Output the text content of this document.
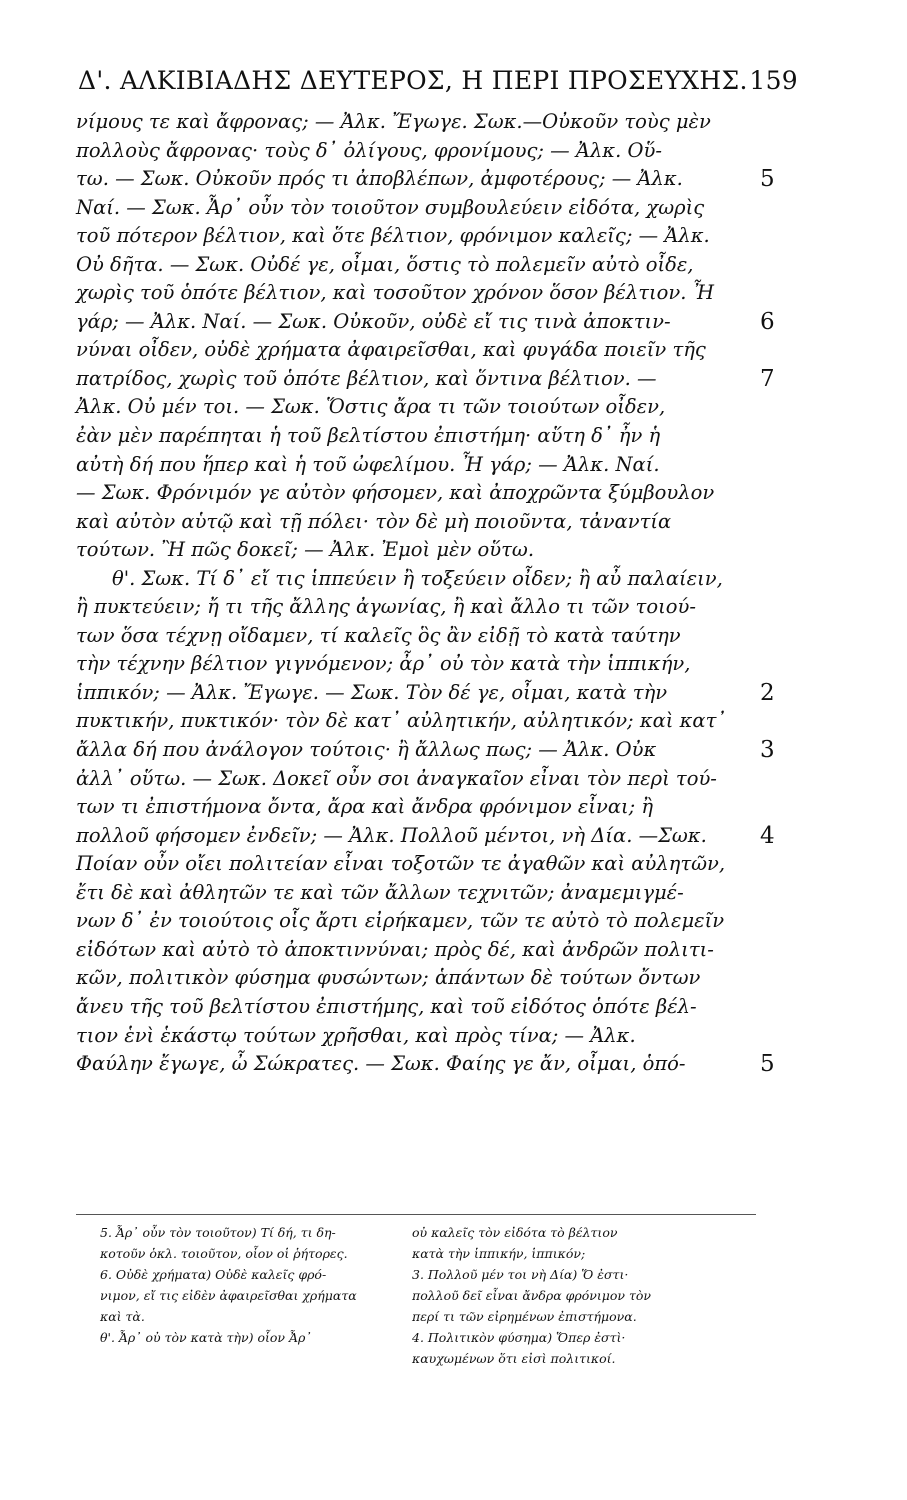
Δ'. ΑΛΚΙΒΙΑΔΗΣ ΔΕΥΤΕΡΟΣ, Η ΠΕΡΙ ΠΡΟΣΕΥΧΗΣ. 159
νίμους τε καὶ ἄφρονας; — Ἀλκ. Ἔγωγε. Σωκ.—Οὐκοῦν τοὺς μὲν
πολλοὺς ἄφρονας· τοὺς δ᾽ ὀλίγους, φρονίμους; — Ἀλκ. Οὕ-
τω. — Σωκ. Οὐκοῦν πρός τι ἀποβλέπων, ἀμφοτέρους; — Ἀλκ.	5
Ναί. — Σωκ. Ἆρ᾽ οὖν τὸν τοιοῦτον συμβουλεύειν εἰδότα, χωρὶς
τοῦ πότερον βέλτιον, καὶ ὅτε βέλτιον, φρόνιμον καλεῖς; — Ἀλκ.
Οὐ δῆτα. — Σωκ. Οὐδέ γε, οἶμαι, ὅστις τὸ πολεμεῖν αὐτὸ οἶδε,
χωρὶς τοῦ ὁπότε βέλτιον, καὶ τοσοῦτον χρόνον ὅσον βέλτιον. Ἦ
γάρ; — Ἀλκ. Ναί. — Σωκ. Οὐκοῦν, οὐδὲ εἴ τις τινὰ ἀποκτιν-	6
νύναι οἶδεν, οὐδὲ χρήματα ἀφαιρεῖσθαι, καὶ φυγάδα ποιεῖν τῆς
πατρίδος, χωρὶς τοῦ ὁπότε βέλτιον, καὶ ὅντινα βέλτιον. —	7
Ἀλκ. Οὐ μέν τοι. — Σωκ. Ὅστις ἄρα τι τῶν τοιούτων οἶδεν,
ἐὰν μὲν παρέπηται ἡ τοῦ βελτίστου ἐπιστήμη· αὕτη δ᾽ ἦν ἡ
αὐτὴ δή που ἥπερ καὶ ἡ τοῦ ὠφελίμου. Ἦ γάρ; — Ἀλκ. Ναί.
— Σωκ. Φρόνιμόν γε αὐτὸν φήσομεν, καὶ ἀποχρῶντα ξύμβουλον
καὶ αὐτὸν αὑτῷ καὶ τῇ πόλει· τὸν δὲ μὴ ποιοῦντα, τἀναντία
τούτων. Ἢ πῶς δοκεῖ; — Ἀλκ. Ἐμοὶ μὲν οὕτω.
θ'. Σωκ. Τί δ᾽ εἴ τις ἱππεύειν ἢ τοξεύειν οἶδεν; ἢ αὖ παλαίειν,
ἢ πυκτεύειν; ἤ τι τῆς ἄλλης ἀγωνίας, ἢ καὶ ἄλλο τι τῶν τοιού-
των ὅσα τέχνῃ οἴδαμεν, τί καλεῖς ὃς ἂν εἰδῇ τὸ κατὰ ταύτην
τὴν τέχνην βέλτιον γιγνόμενον; ἆρ᾽ οὐ τὸν κατὰ τὴν ἱππικήν,
ἱππικόν; — Ἀλκ. Ἔγωγε. — Σωκ. Τὸν δέ γε, οἶμαι, κατὰ τὴν	2
πυκτικήν, πυκτικόν· τὸν δὲ κατ᾽ αὐλητικήν, αὐλητικόν; καὶ κατ᾽
ἄλλα δή που ἀνάλογον τούτοις· ἢ ἄλλως πως; — Ἀλκ. Οὐκ	3
ἀλλ᾽ οὕτω. — Σωκ. Δοκεῖ οὖν σοι ἀναγκαῖον εἶναι τὸν περὶ τού-
των τι ἐπιστήμονα ὄντα, ἄρα καὶ ἄνδρα φρόνιμον εἶναι; ἢ
πολλοῦ φήσομεν ἐνδεῖν; — Ἀλκ. Πολλοῦ μέντοι, νὴ Δία. —Σωκ. 4
Ποίαν οὖν οἴει πολιτείαν εἶναι τοξοτῶν τε ἀγαθῶν καὶ αὐλητῶν,
ἔτι δὲ καὶ ἀθλητῶν τε καὶ τῶν ἄλλων τεχνιτῶν; ἀναμεμιγμέ-
νων δ᾽ ἐν τοιούτοις οἷς ἄρτι εἰρήκαμεν, τῶν τε αὐτὸ τὸ πολεμεῖν
εἰδότων καὶ αὐτὸ τὸ ἀποκτιννύναι; πρὸς δέ, καὶ ἀνδρῶν πολιτι-
κῶν, πολιτικὸν φύσημα φυσώντων; ἁπάντων δὲ τούτων ὄντων
ἄνευ τῆς τοῦ βελτίστου ἐπιστήμης, καὶ τοῦ εἰδότος ὁπότε βέλ-
τιον ἑνὶ ἑκάστῳ τούτων χρῆσθαι, καὶ πρὸς τίνα; — Ἀλκ.
Φαύλην ἔγωγε, ὦ Σώκρατες. — Σωκ. Φαίης γε ἄν, οἶμαι, ὁπό-	5
5. Ἆρ᾽ οὖν τὸν τοιοῦτον) Τί δή, τι δη-
κοτοῦν ὁκλ. τοιοῦτον, οἷον οἱ ῥήτορες.
6. Οὐδὲ χρήματα) Οὐδὲ καλεῖς φρό-
νιμον, εἴ τις εἰδὲν ἀφαιρεῖσθαι χρήματα
καὶ τὰ.
θ'. Ἆρ᾽ οὐ τὸν κατὰ τὴν) οἷον Ἆρ᾽
οὐ καλεῖς τὸν εἰδότα τὸ βέλτιον
κατὰ τὴν ἱππικήν, ἱππικόν;
3. Πολλοῦ μέν τοι νὴ Δία) Ὅ ἐστι·
πολλοῦ δεῖ εἶναι ἄνδρα φρόνιμον τὸν
περί τι τῶν εἰρημένων ἐπιστήμονα.
4. Πολιτικὸν φύσημα) Ὅπερ ἐστὶ·
καυχωμένων ὅτι εἰσὶ πολιτικοί.
